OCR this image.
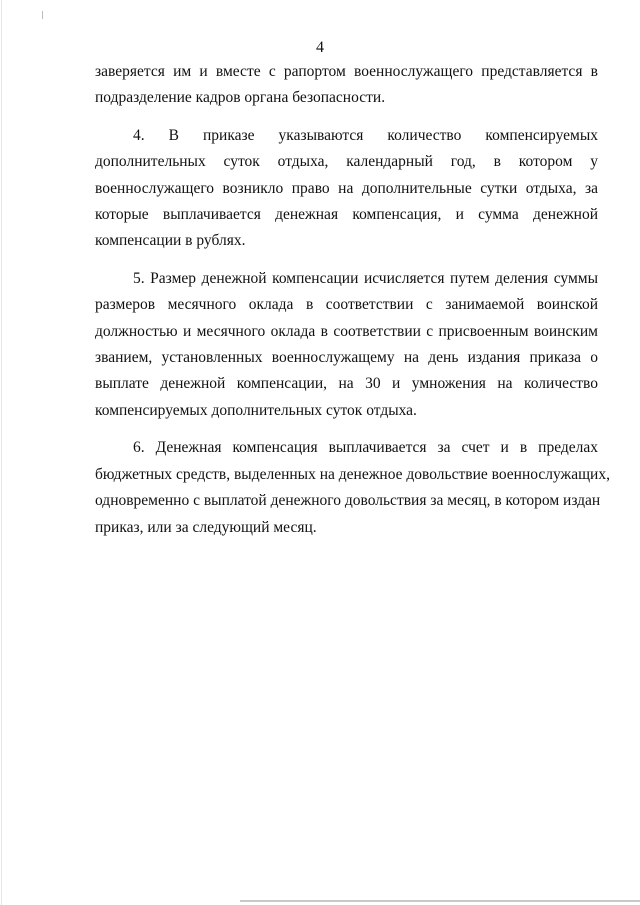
4

заверяется им и вместе с рапортом военнослужащего представляется в
подразделение кадров органа безопасности.

4. В приказе указываются количество компенсируемых
дополнительных суток отдыха, календарный год, в котором у
военнослужащего возникло право на дополнительные сутки отдыха, за
которые выплачивается денежная компенсация, и сумма денежной
компенсации в рублях.

5. Размер денежной компенсации исчисляется путем деления суммы
размеров месячного оклада в соответствии с занимаемой воинской
должностью и месячного оклада в соответствии с присвоенным воинским
званием, установленных военнослужащему на день издания приказа о
выплате денежной компенсации, на 30 и умножения на количество
компенсируемых дополнительных суток отдыха.

6. Денежная компенсация выплачивается за счет и в пределах
бюджетных средств, выделенных на денежное довольствие военнослужащих,
одновременно с выплатой денежного довольствия за месяц, в котором издан
приказ, или за следующий месяц.
